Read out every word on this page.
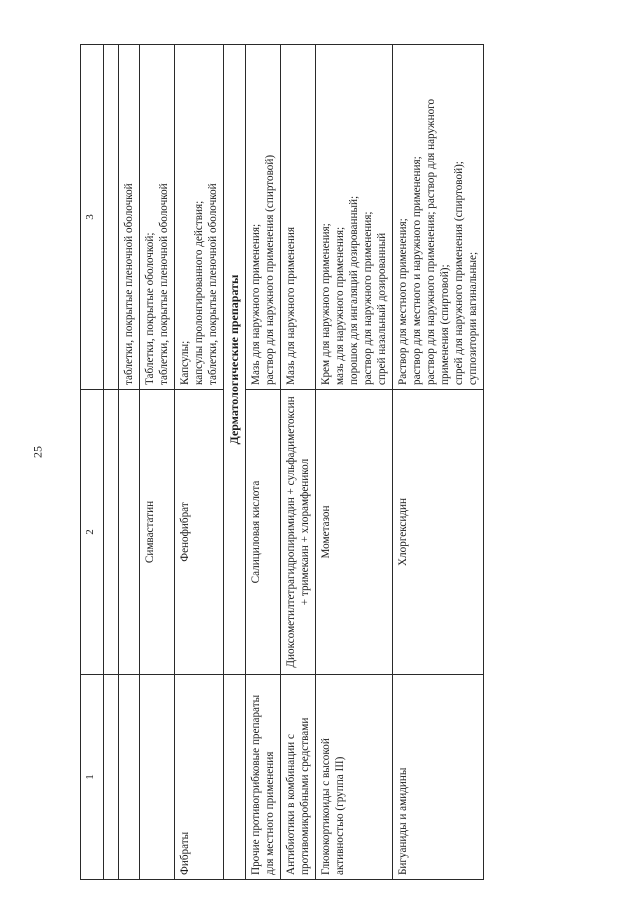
25
1	2	3

		таблетки, покрытые пленочной оболочкой

	Симвастатин	Таблетки, покрытые оболочкой; таблетки, покрытые пленочной оболочкой

Фибраты	Фенофибрат	Капсулы; капсулы пролонгированного действия; таблетки, покрытые пленочной оболочкой

	Дерматологические препараты	
Прочие противогрибковые препараты для местного применения	Салициловая кислота	Мазь для наружного применения; раствор для наружного применения (спиртовой)

Антибиотики в комбинации с противомикробными средствами	Диоксометилтетрагидропиримидин + сульфадиметоксин + тримекаин + хлорамфеникол	Мазь для наружного применения

Глюкокортикоиды с высокой активностью (группа III)	Мометазон	Крем для наружного применения; мазь для наружного применения; порошок для ингаляций дозированный; раствор для наружного применения; спрей назальный дозированный

Бигуаниды и амидины	Хлоргексидин	Раствор для местного применения; раствор для местного и наружного применения; раствор для наружного применения; раствор для наружного применения (спиртовой); спрей для наружного применения (спиртовой); суппозитории вагинальные;
